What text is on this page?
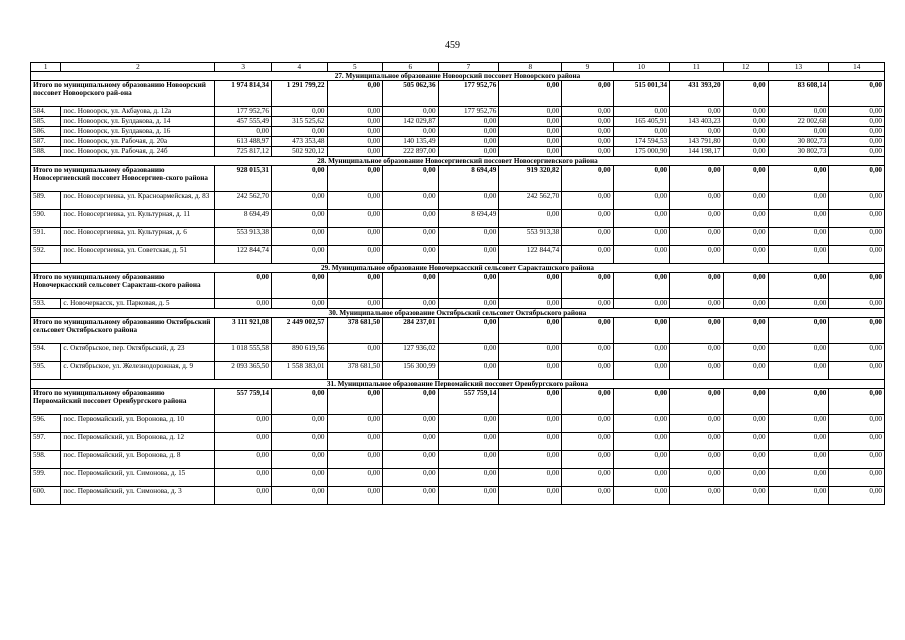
459
1	2	3	4	5	6	7	8	9	10	11	12	13	14
27. Муниципальное образование Новоорский поссовет Новоорского района													
Итого по муниципальному образованию Новоорский поссовет Новоорского рай-она		1 974 814,34	1 291 799,22	0,00	505 062,36	177 952,76	0,00	0,00	515 001,34	431 393,20	0,00	83 608,14	0,00
584.	пос. Новоорск, ул. Акбауова, д. 12а	177 952,76	0,00	0,00	0,00	177 952,76	0,00	0,00	0,00	0,00	0,00	0,00	0,00
585.	пос. Новоорск, ул. Булдакова, д. 14	457 555,49	315 525,62	0,00	142 029,87	0,00	0,00	0,00	165 405,91	143 403,23	0,00	22 002,68	0,00
586.	пос. Новоорск, ул. Булдакова, д. 16	0,00	0,00	0,00	0,00	0,00	0,00	0,00	0,00	0,00	0,00	0,00	0,00
587.	пос. Новоорск, ул. Рабочая, д. 20а	613 488,97	473 353,48	0,00	140 135,49	0,00	0,00	0,00	174 594,53	143 791,80	0,00	30 802,73	0,00
588.	пос. Новоорск, ул. Рабочая, д. 24б	725 817,12	502 920,12	0,00	222 897,00	0,00	0,00	0,00	175 000,90	144 198,17	0,00	30 802,73	0,00
28. Муниципальное образование Новосергиевский поссовет Новосергиевского района													
Итого по муниципальному образованию Новосергиевский поссовет Новосергиев-ского района		928 015,31	0,00	0,00	0,00	8 694,49	919 320,82	0,00	0,00	0,00	0,00	0,00	0,00
589.	пос. Новосергиевка, ул. Красноармейская, д. 83	242 562,70	0,00	0,00	0,00	0,00	242 562,70	0,00	0,00	0,00	0,00	0,00	0,00
590.	пос. Новосергиевка, ул. Культурная, д. 11	8 694,49	0,00	0,00	0,00	8 694,49	0,00	0,00	0,00	0,00	0,00	0,00	0,00
591.	пос. Новосергиевка, ул. Культурная, д. 6	553 913,38	0,00	0,00	0,00	0,00	553 913,38	0,00	0,00	0,00	0,00	0,00	0,00
592.	пос. Новосергиевка, ул. Советская, д. 51	122 844,74	0,00	0,00	0,00	0,00	122 844,74	0,00	0,00	0,00	0,00	0,00	0,00
29. Муниципальное образование Новочеркасский сельсовет Саракташского района													
Итого по муниципальному образованию Новочеркасский сельсовет Саракташ-ского района		0,00	0,00	0,00	0,00	0,00	0,00	0,00	0,00	0,00	0,00	0,00	0,00
593.	с. Новочеркасск, ул. Парковая, д. 5	0,00	0,00	0,00	0,00	0,00	0,00	0,00	0,00	0,00	0,00	0,00	0,00
30. Муниципальное образование Октябрьский сельсовет Октябрьского района													
Итого по муниципальному образованию Октябрьский сельсовет Октябрьского района		3 111 921,08	2 449 002,57	378 681,50	284 237,01	0,00	0,00	0,00	0,00	0,00	0,00	0,00	0,00
594.	с. Октябрьское, пер. Октябрьский, д. 23	1 018 555,58	890 619,56	0,00	127 936,02	0,00	0,00	0,00	0,00	0,00	0,00	0,00	0,00
595.	с. Октябрьское, ул. Железнодорожная, д. 9	2 093 365,50	1 558 383,01	378 681,50	156 300,99	0,00	0,00	0,00	0,00	0,00	0,00	0,00	0,00
31. Муниципальное образование Первомайский поссовет Оренбургского района													
Итого по муниципальному образованию Первомайский поссовет Оренбургского района		557 759,14	0,00	0,00	0,00	557 759,14	0,00	0,00	0,00	0,00	0,00	0,00	0,00
596.	пос. Первомайский, ул. Воронова, д. 10	0,00	0,00	0,00	0,00	0,00	0,00	0,00	0,00	0,00	0,00	0,00	0,00
597.	пос. Первомайский, ул. Воронова, д. 12	0,00	0,00	0,00	0,00	0,00	0,00	0,00	0,00	0,00	0,00	0,00	0,00
598.	пос. Первомайский, ул. Воронова, д. 8	0,00	0,00	0,00	0,00	0,00	0,00	0,00	0,00	0,00	0,00	0,00	0,00
599.	пос. Первомайский, ул. Симонова, д. 15	0,00	0,00	0,00	0,00	0,00	0,00	0,00	0,00	0,00	0,00	0,00	0,00
600.	пос. Первомайский, ул. Симонова, д. 3	0,00	0,00	0,00	0,00	0,00	0,00	0,00	0,00	0,00	0,00	0,00	0,00
